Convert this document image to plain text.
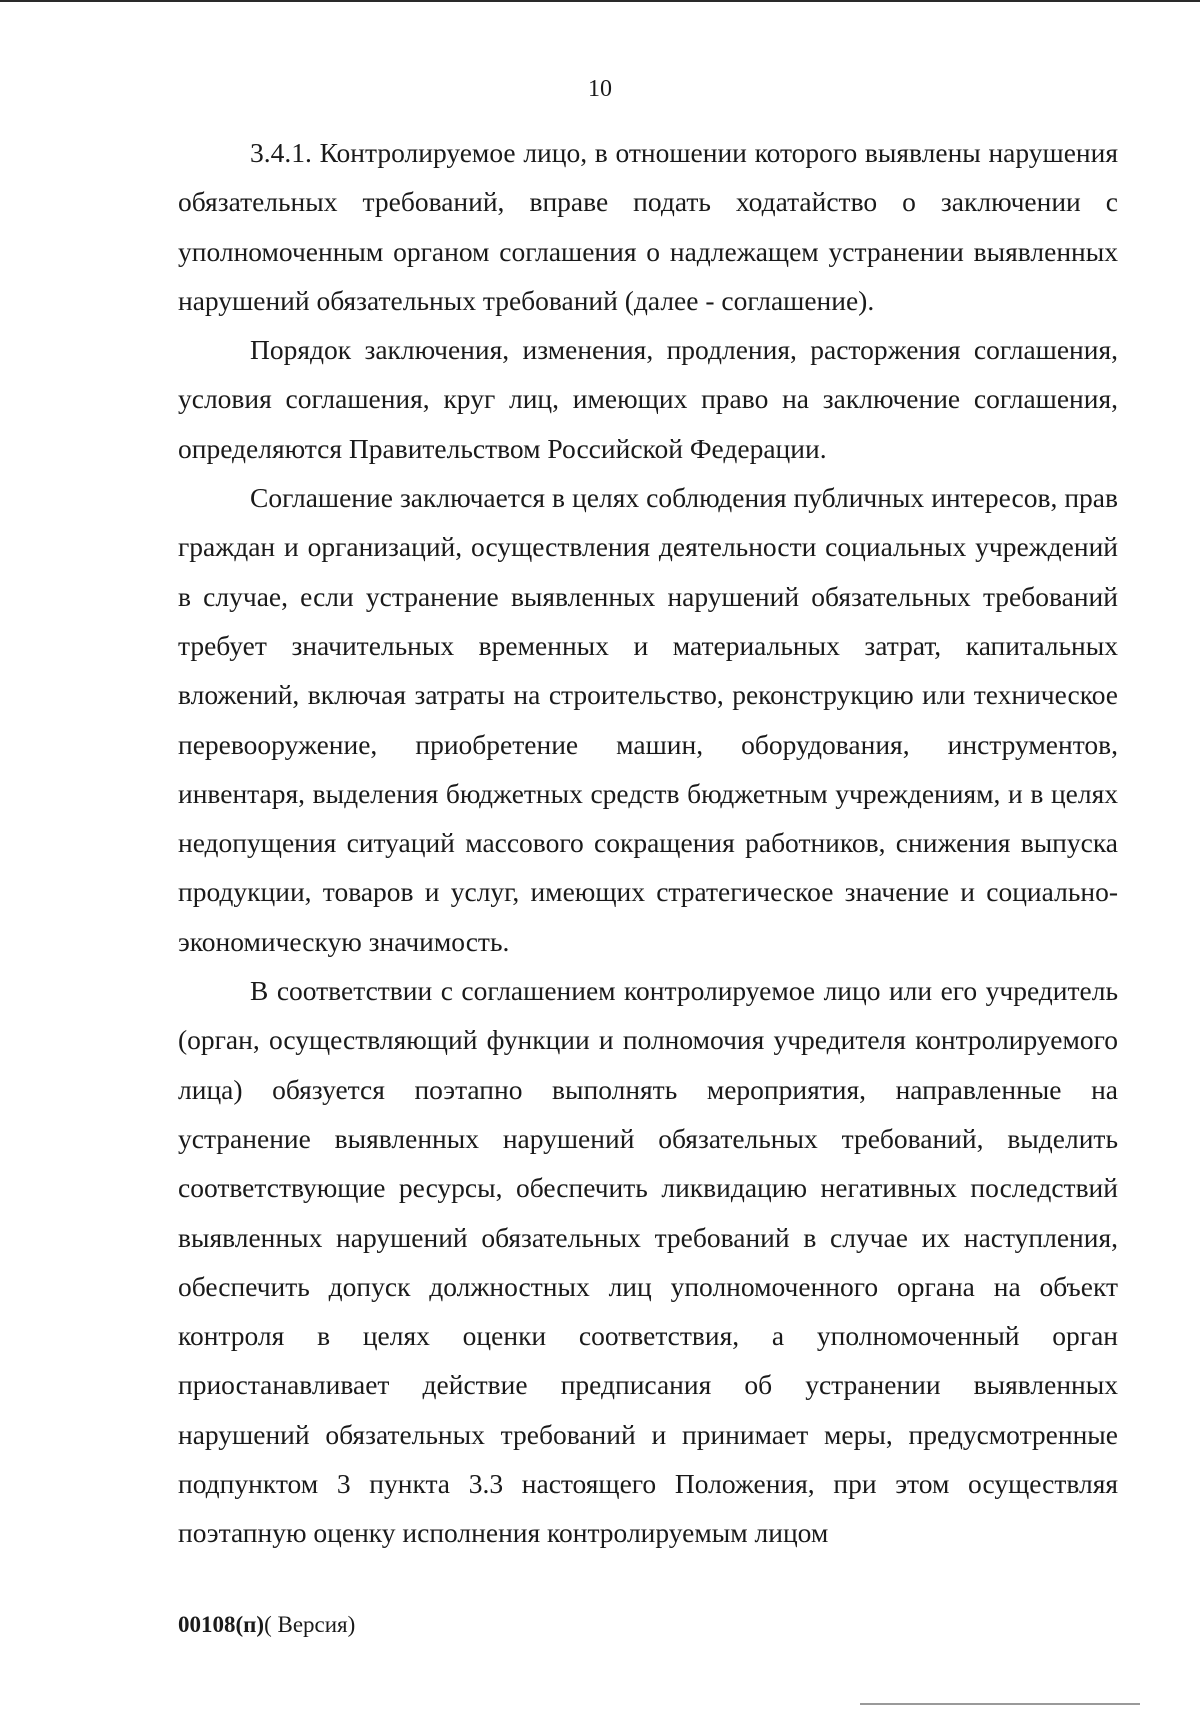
10

3.4.1. Контролируемое лицо, в отношении которого выявлены нарушения обязательных требований, вправе подать ходатайство о заключении с уполномоченным органом соглашения о надлежащем устранении выявленных нарушений обязательных требований (далее - соглашение).

Порядок заключения, изменения, продления, расторжения соглашения, условия соглашения, круг лиц, имеющих право на заключение соглашения, определяются Правительством Российской Федерации.

Соглашение заключается в целях соблюдения публичных интересов, прав граждан и организаций, осуществления деятельности социальных учреждений в случае, если устранение выявленных нарушений обязательных требований требует значительных временных и материальных затрат, капитальных вложений, включая затраты на строительство, реконструкцию или техническое перевооружение, приобретение машин, оборудования, инструментов, инвентаря, выделения бюджетных средств бюджетным учреждениям, и в целях недопущения ситуаций массового сокращения работников, снижения выпуска продукции, товаров и услуг, имеющих стратегическое значение и социально-экономическую значимость.

В соответствии с соглашением контролируемое лицо или его учредитель (орган, осуществляющий функции и полномочия учредителя контролируемого лица) обязуется поэтапно выполнять мероприятия, направленные на устранение выявленных нарушений обязательных требований, выделить соответствующие ресурсы, обеспечить ликвидацию негативных последствий выявленных нарушений обязательных требований в случае их наступления, обеспечить допуск должностных лиц уполномоченного органа на объект контроля в целях оценки соответствия, а уполномоченный орган приостанавливает действие предписания об устранении выявленных нарушений обязательных требований и принимает меры, предусмотренные подпунктом 3 пункта 3.3 настоящего Положения, при этом осуществляя поэтапную оценку исполнения контролируемым лицом

00108(п)( Версия)
